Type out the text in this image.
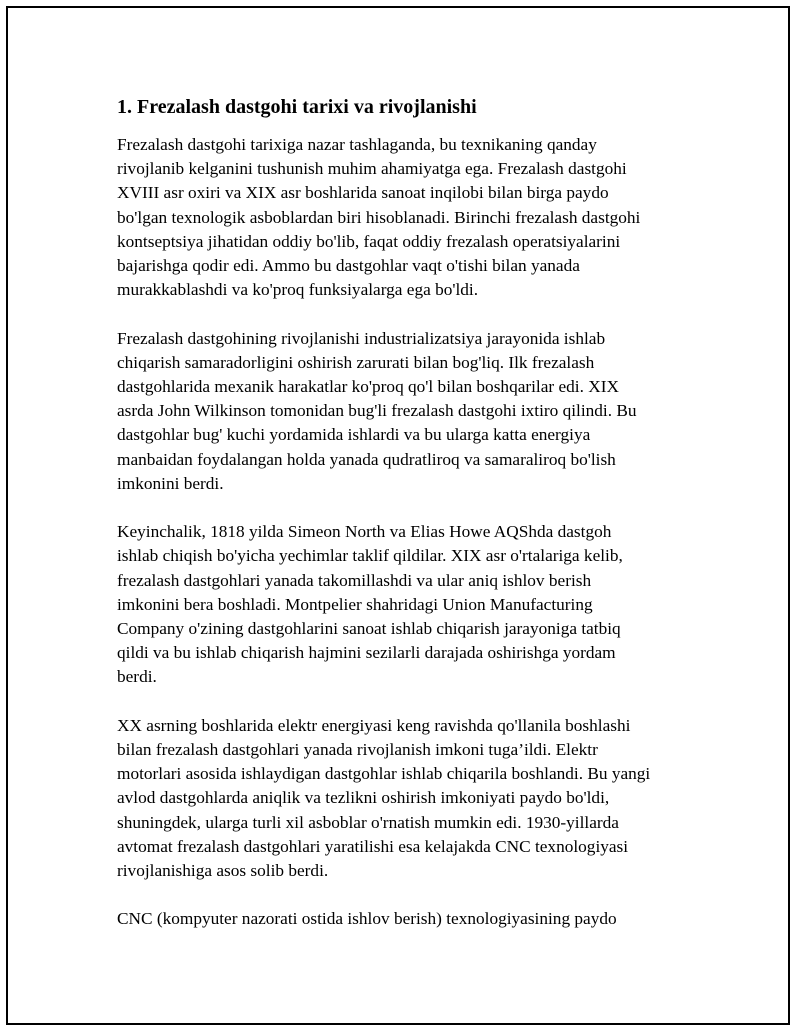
1. Frezalash dastgohi tarixi va rivojlanishi

Frezalash dastgohi tarixiga nazar tashlaganda, bu texnikaning qanday
rivojlanib kelganini tushunish muhim ahamiyatga ega. Frezalash dastgohi
XVIII asr oxiri va XIX asr boshlarida sanoat inqilobi bilan birga paydo
bo'lgan texnologik asboblardan biri hisoblanadi. Birinchi frezalash dastgohi
kontseptsiya jihatidan oddiy bo'lib, faqat oddiy frezalash operatsiyalarini
bajarishga qodir edi. Ammo bu dastgohlar vaqt o'tishi bilan yanada
murakkablashdi va ko'proq funksiyalarga ega bo'ldi.

Frezalash dastgohining rivojlanishi industrializatsiya jarayonida ishlab
chiqarish samaradorligini oshirish zarurati bilan bog'liq. Ilk frezalash
dastgohlarida mexanik harakatlar ko'proq qo'l bilan boshqarilar edi. XIX
asrda John Wilkinson tomonidan bug'li frezalash dastgohi ixtiro qilindi. Bu
dastgohlar bug' kuchi yordamida ishlardi va bu ularga katta energiya
manbaidan foydalangan holda yanada qudratliroq va samaraliroq bo'lish
imkonini berdi.

Keyinchalik, 1818 yilda Simeon North va Elias Howe AQShda dastgoh
ishlab chiqish bo'yicha yechimlar taklif qildilar. XIX asr o'rtalariga kelib,
frezalash dastgohlari yanada takomillashdi va ular aniq ishlov berish
imkonini bera boshladi. Montpelier shahridagi Union Manufacturing
Company o'zining dastgohlarini sanoat ishlab chiqarish jarayoniga tatbiq
qildi va bu ishlab chiqarish hajmini sezilarli darajada oshirishga yordam
berdi.

XX asrning boshlarida elektr energiyasi keng ravishda qo'llanila boshlashi
bilan frezalash dastgohlari yanada rivojlanish imkoni tuga’ildi. Elektr
motorlari asosida ishlaydigan dastgohlar ishlab chiqarila boshlandi. Bu yangi
avlod dastgohlarda aniqlik va tezlikni oshirish imkoniyati paydo bo'ldi,
shuningdek, ularga turli xil asboblar o'rnatish mumkin edi. 1930-yillarda
avtomat frezalash dastgohlari yaratilishi esa kelajakda CNC texnologiyasi
rivojlanishiga asos solib berdi.

CNC (kompyuter nazorati ostida ishlov berish) texnologiyasining paydo
